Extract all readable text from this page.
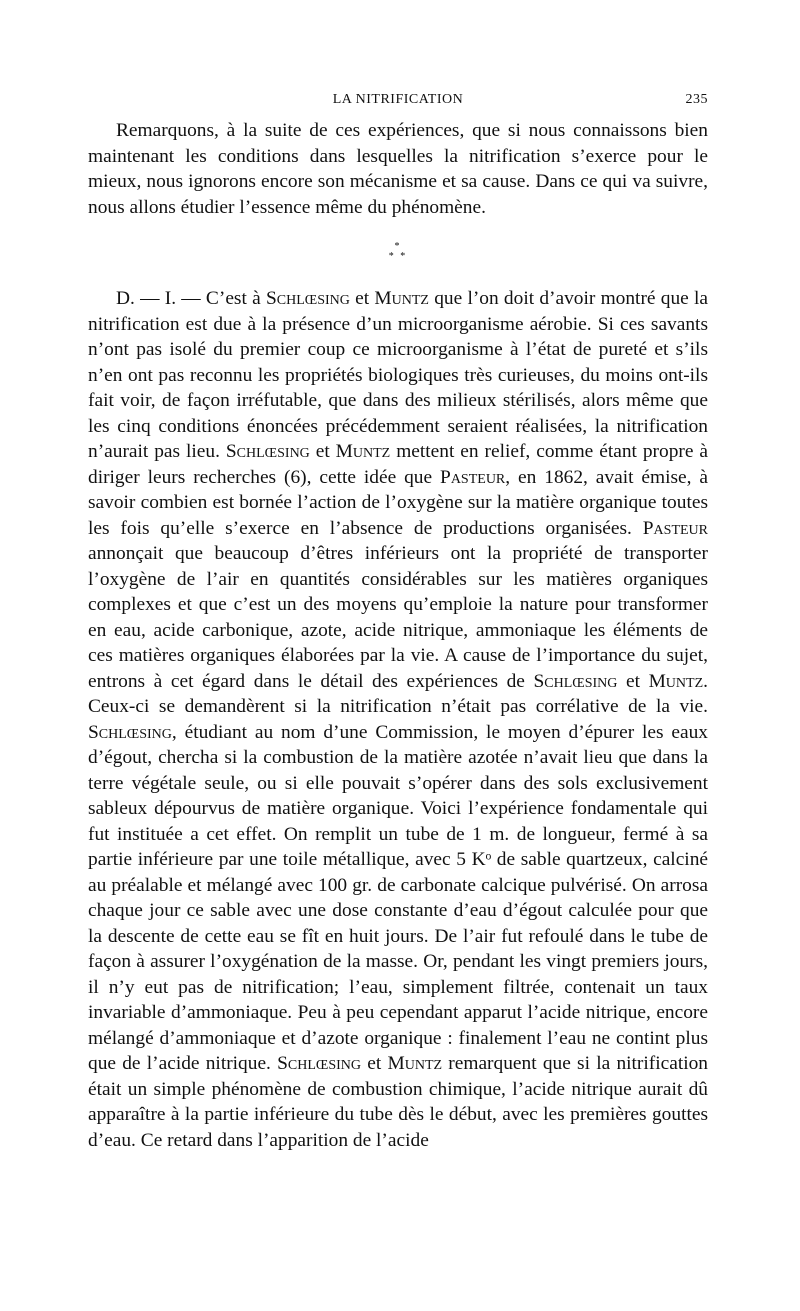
LA NITRIFICATION	235

Remarquons, à la suite de ces expériences, que si nous connaissons bien maintenant les conditions dans lesquelles la nitrification s’exerce pour le mieux, nous ignorons encore son mécanisme et sa cause. Dans ce qui va suivre, nous allons étudier l’essence même du phénomène.

*
* *

D. — I. — C’est à Schlœsing et Muntz que l’on doit d’avoir montré que la nitrification est due à la présence d’un microorganisme aérobie. Si ces savants n’ont pas isolé du premier coup ce microorganisme à l’état de pureté et s’ils n’en ont pas reconnu les propriétés biologiques très curieuses, du moins ont-ils fait voir, de façon irréfutable, que dans des milieux stérilisés, alors même que les cinq conditions énoncées précédemment seraient réalisées, la nitrification n’aurait pas lieu. Schlœsing et Muntz mettent en relief, comme étant propre à diriger leurs recherches (6), cette idée que Pasteur, en 1862, avait émise, à savoir combien est bornée l’action de l’oxygène sur la matière organique toutes les fois qu’elle s’exerce en l’absence de productions organisées. Pasteur annonçait que beaucoup d’êtres inférieurs ont la propriété de transporter l’oxygène de l’air en quantités considérables sur les matières organiques complexes et que c’est un des moyens qu’emploie la nature pour transformer en eau, acide carbonique, azote, acide nitrique, ammoniaque les éléments de ces matières organiques élaborées par la vie. A cause de l’importance du sujet, entrons à cet égard dans le détail des expériences de Schlœsing et Muntz. Ceux-ci se demandèrent si la nitrification n’était pas corrélative de la vie. Schlœsing, étudiant au nom d’une Commission, le moyen d’épurer les eaux d’égout, chercha si la combustion de la matière azotée n’avait lieu que dans la terre végétale seule, ou si elle pouvait s’opérer dans des sols exclusivement sableux dépourvus de matière organique. Voici l’expérience fondamentale qui fut instituée a cet effet. On remplit un tube de 1 m. de longueur, fermé à sa partie inférieure par une toile métallique, avec 5 Kᵒ de sable quartzeux, calciné au préalable et mélangé avec 100 gr. de carbonate calcique pulvérisé. On arrosa chaque jour ce sable avec une dose constante d’eau d’égout calculée pour que la descente de cette eau se fît en huit jours. De l’air fut refoulé dans le tube de façon à assurer l’oxygénation de la masse. Or, pendant les vingt premiers jours, il n’y eut pas de nitrification; l’eau, simplement filtrée, contenait un taux invariable d’ammoniaque. Peu à peu cependant apparut l’acide nitrique, encore mélangé d’ammoniaque et d’azote organique : finalement l’eau ne contint plus que de l’acide nitrique. Schlœsing et Muntz remarquent que si la nitrification était un simple phénomène de combustion chimique, l’acide nitrique aurait dû apparaître à la partie inférieure du tube dès le début, avec les premières gouttes d’eau. Ce retard dans l’apparition de l’acide
